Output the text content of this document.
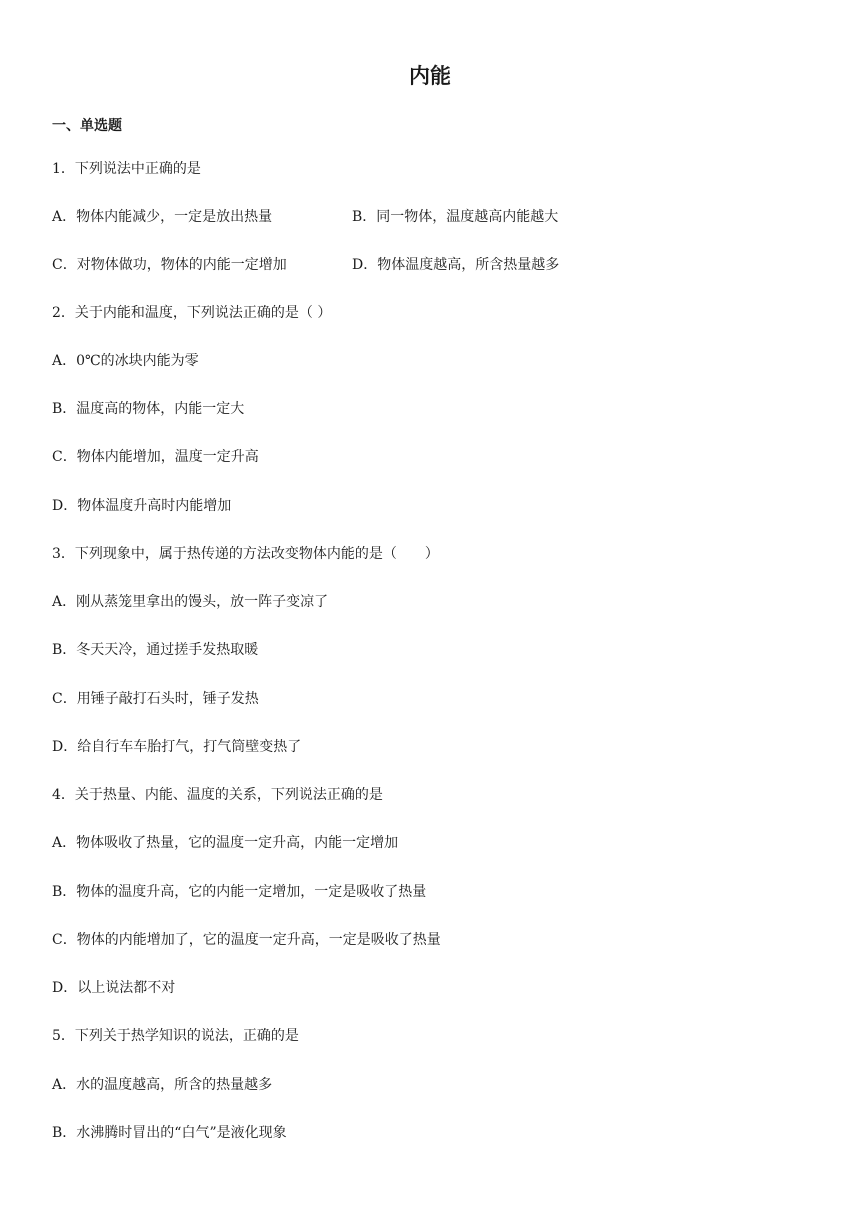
内能
一、单选题
1．下列说法中正确的是
A．物体内能减少，一定是放出热量	B．同一物体，温度越高内能越大
C．对物体做功，物体的内能一定增加	D．物体温度越高，所含热量越多
2．关于内能和温度，下列说法正确的是（ ）
A．0℃的冰块内能为零
B．温度高的物体，内能一定大
C．物体内能增加，温度一定升高
D．物体温度升高时内能增加
3．下列现象中，属于热传递的方法改变物体内能的是（　　）
A．刚从蒸笼里拿出的馒头，放一阵子变凉了
B．冬天天冷，通过搓手发热取暖
C．用锤子敲打石头时，锤子发热
D．给自行车车胎打气，打气筒壁变热了
4．关于热量、内能、温度的关系，下列说法正确的是
A．物体吸收了热量，它的温度一定升高，内能一定增加
B．物体的温度升高，它的内能一定增加，一定是吸收了热量
C．物体的内能增加了，它的温度一定升高，一定是吸收了热量
D．以上说法都不对
5．下列关于热学知识的说法，正确的是
A．水的温度越高，所含的热量越多
B．水沸腾时冒出的“白气”是液化现象
